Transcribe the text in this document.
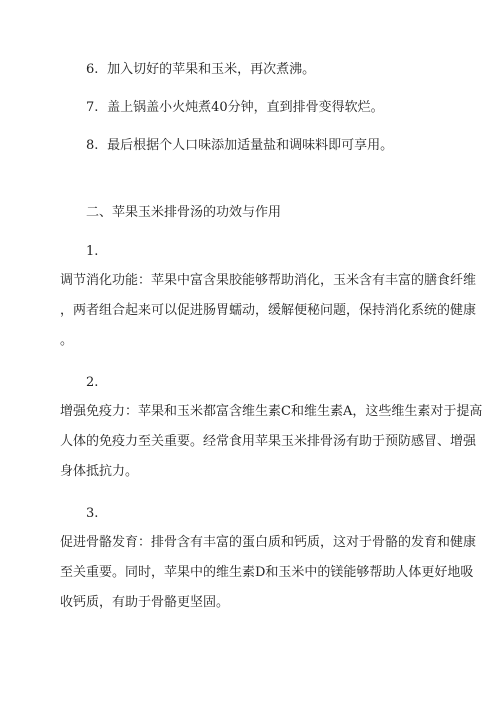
6. 加入切好的苹果和玉米，再次煮沸。
7. 盖上锅盖小火炖煮40分钟，直到排骨变得软烂。
8. 最后根据个人口味添加适量盐和调味料即可享用。
二、苹果玉米排骨汤的功效与作用
1.
调节消化功能：苹果中富含果胶能够帮助消化，玉米含有丰富的膳食纤维
，两者组合起来可以促进肠胃蠕动，缓解便秘问题，保持消化系统的健康
。
2.
增强免疫力：苹果和玉米都富含维生素C和维生素A，这些维生素对于提高
人体的免疫力至关重要。经常食用苹果玉米排骨汤有助于预防感冒、增强
身体抵抗力。
3.
促进骨骼发育：排骨含有丰富的蛋白质和钙质，这对于骨骼的发育和健康
至关重要。同时，苹果中的维生素D和玉米中的镁能够帮助人体更好地吸
收钙质，有助于骨骼更坚固。
